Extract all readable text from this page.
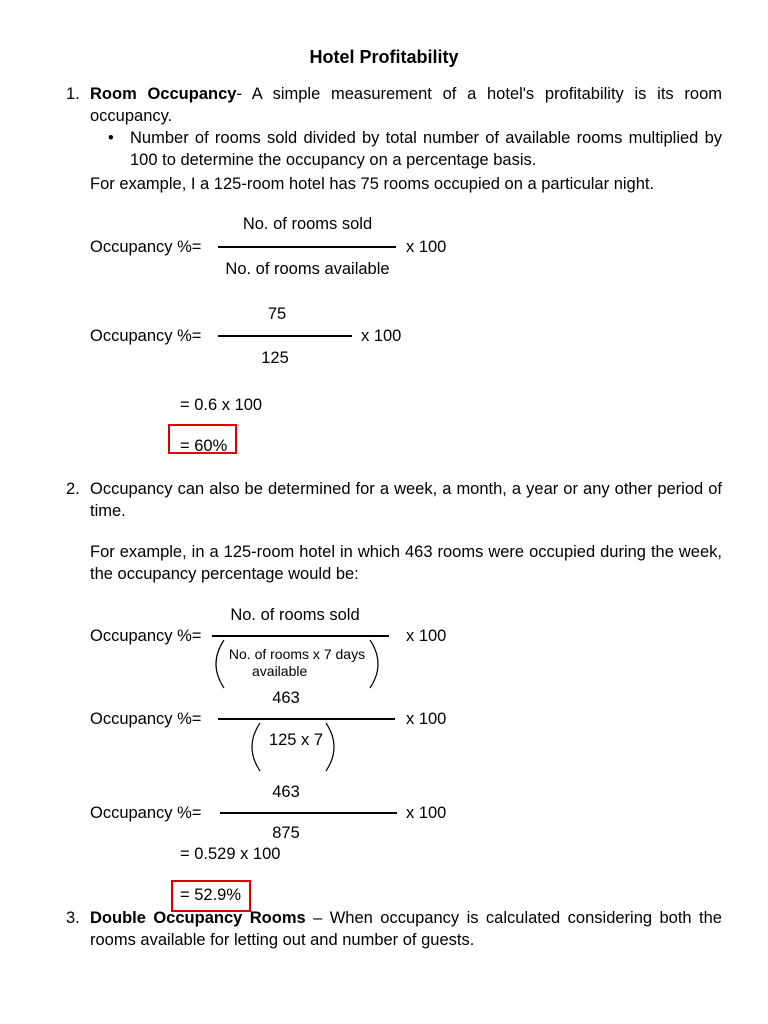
Hotel Profitability
1. Room Occupancy- A simple measurement of a hotel's profitability is its room occupancy.
• Number of rooms sold divided by total number of available rooms multiplied by 100 to determine the occupancy on a percentage basis.
For example, I a 125-room hotel has 75 rooms occupied on a particular night.
Occupancy %=
No. of rooms sold
No. of rooms available
x 100
Occupancy %=
75
125
x 100
= 0.6 x 100
= 60%
2. Occupancy can also be determined for a week, a month, a year or any other period of time.
For example, in a 125-room hotel in which 463 rooms were occupied during the week, the occupancy percentage would be:
Occupancy %=
No. of rooms sold
No. of rooms x 7 days
available
x 100
Occupancy %=
463
125 x 7
x 100
Occupancy %=
463
875
x 100
= 0.529 x 100
= 52.9%
3. Double Occupancy Rooms – When occupancy is calculated considering both the rooms available for letting out and number of guests.
